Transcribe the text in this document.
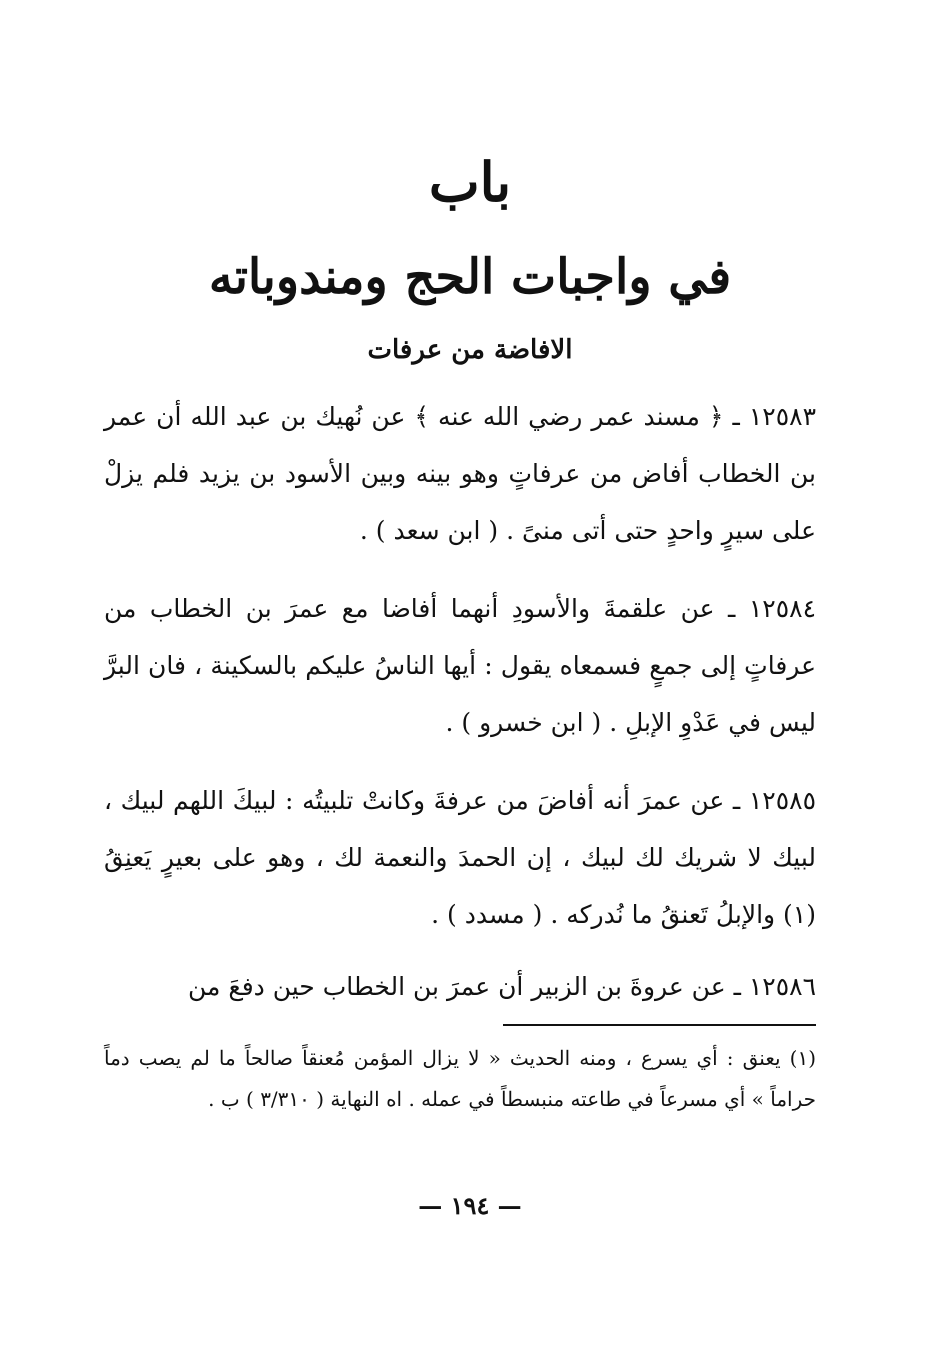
باب
في واجبات الحج ومندوباته
الافاضة من عرفات

١٢٥٨٣ ـ ﴿ مسند عمر رضي الله عنه ﴾ عن نُهيك بن عبد الله أن عمر بن الخطاب أفاض من عرفاتٍ وهو بينه وبين الأسود بن يزيد فلم يزلْ على سيرٍ واحدٍ حتى أتى منىً . ( ابن سعد ) .

١٢٥٨٤ ـ عن علقمةَ والأسودِ أنهما أفاضا مع عمرَ بن الخطاب من عرفاتٍ إلى جمعٍ فسمعاه يقول : أيها الناسُ عليكم بالسكينة ، فان البرَّ ليس في عَدْوِ الإبلِ . ( ابن خسرو ) .

١٢٥٨٥ ـ عن عمرَ أنه أفاضَ من عرفةَ وكانتْ تلبيتُه : لبيكَ اللهم لبيك ، لبيك لا شريك لك لبيك ، إن الحمدَ والنعمة لك ، وهو على بعيرٍ يَعنِقُ (١) والإبلُ تَعنقُ ما نُدركه . ( مسدد ) .

١٢٥٨٦ ـ عن عروةَ بن الزبير أن عمرَ بن الخطاب حين دفعَ من

(١) يعنق : أي يسرع ، ومنه الحديث « لا يزال المؤمن مُعنقاً صالحاً ما لم يصب دماً حراماً » أي مسرعاً في طاعته منبسطاً في عمله . اه النهاية ( ٣/٣١٠ ) ب .

— ١٩٤ —
